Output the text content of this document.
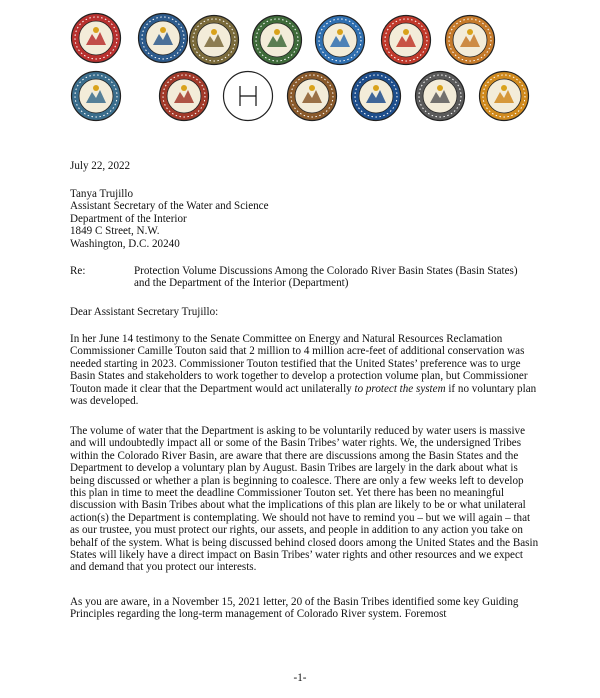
July 22, 2022
Tanya Trujillo
Assistant Secretary of the Water and Science
Department of the Interior
1849 C Street, N.W.
Washington, D.C. 20240
Re:	Protection Volume Discussions Among the Colorado River Basin States (Basin States)
and the Department of the Interior (Department)
Dear Assistant Secretary Trujillo:

In her June 14 testimony to the Senate Committee on Energy and Natural Resources Reclamation Commissioner Camille Touton said that 2 million to 4 million acre-feet of additional conservation was needed starting in 2023. Commissioner Touton testified that the United States’ preference was to urge Basin States and stakeholders to work together to develop a protection volume plan, but Commissioner Touton made it clear that the Department would act unilaterally to protect the system if no voluntary plan was developed.

The volume of water that the Department is asking to be voluntarily reduced by water users is massive and will undoubtedly impact all or some of the Basin Tribes’ water rights. We, the undersigned Tribes within the Colorado River Basin, are aware that there are discussions among the Basin States and the Department to develop a voluntary plan by August. Basin Tribes are largely in the dark about what is being discussed or whether a plan is beginning to coalesce. There are only a few weeks left to develop this plan in time to meet the deadline Commissioner Touton set. Yet there has been no meaningful discussion with Basin Tribes about what the implications of this plan are likely to be or what unilateral action(s) the Department is contemplating. We should not have to remind you – but we will again – that as our trustee, you must protect our rights, our assets, and people in addition to any action you take on behalf of the system. What is being discussed behind closed doors among the United States and the Basin States will likely have a direct impact on Basin Tribes’ water rights and other resources and we expect and demand that you protect our interests.

As you are aware, in a November 15, 2021 letter, 20 of the Basin Tribes identified some key Guiding Principles regarding the long-term management of Colorado River system. Foremost

-1-
